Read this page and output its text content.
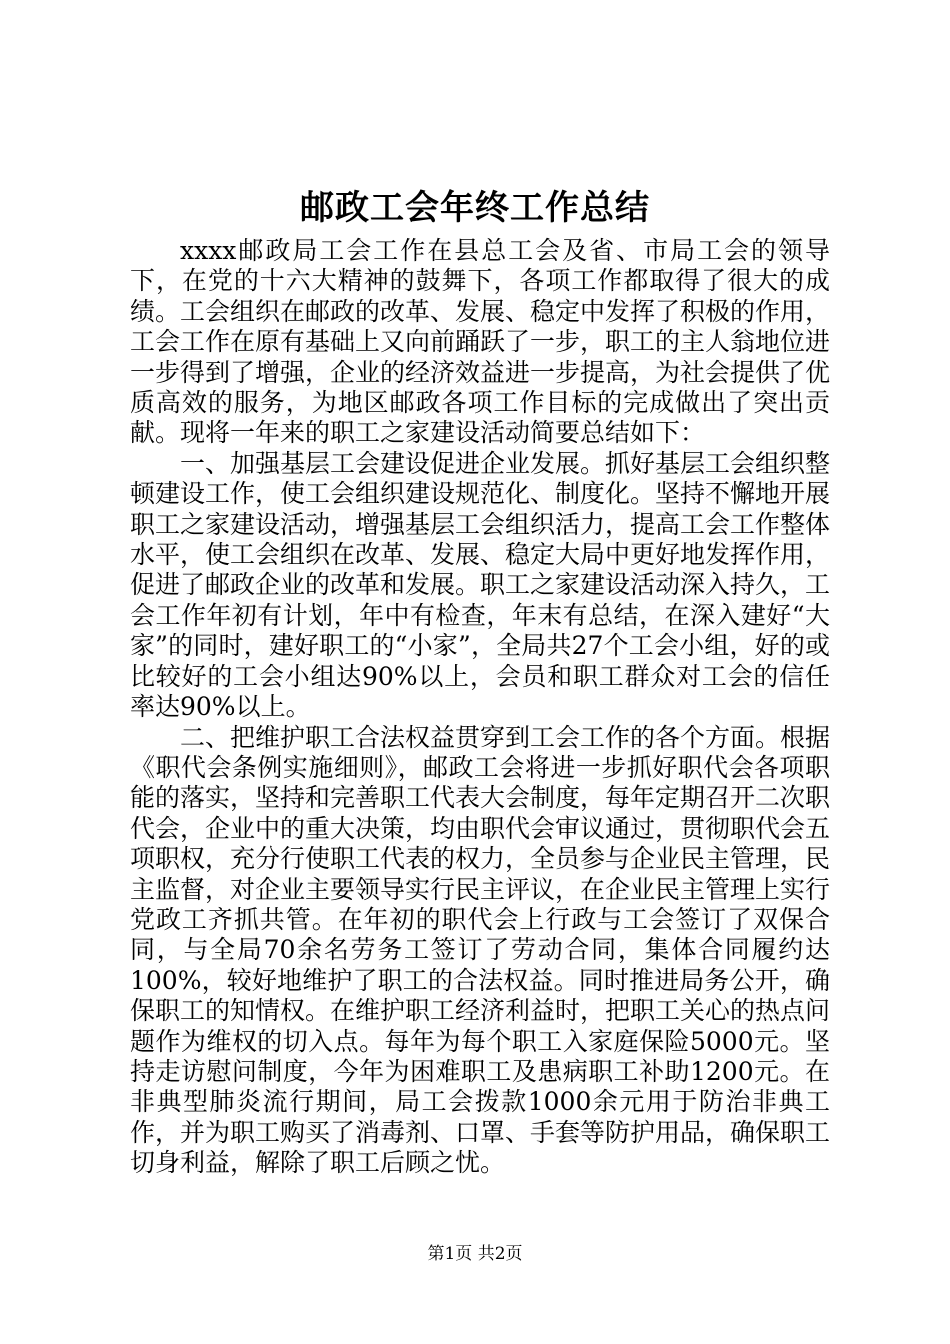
邮政工会年终工作总结

xxxx邮政局工会工作在县总工会及省、市局工会的领导下，在党的十六大精神的鼓舞下，各项工作都取得了很大的成绩。工会组织在邮政的改革、发展、稳定中发挥了积极的作用，工会工作在原有基础上又向前踊跃了一步，职工的主人翁地位进一步得到了增强，企业的经济效益进一步提高，为社会提供了优质高效的服务，为地区邮政各项工作目标的完成做出了突出贡献。现将一年来的职工之家建设活动简要总结如下：

一、加强基层工会建设促进企业发展。抓好基层工会组织整顿建设工作，使工会组织建设规范化、制度化。坚持不懈地开展职工之家建设活动，增强基层工会组织活力，提高工会工作整体水平，使工会组织在改革、发展、稳定大局中更好地发挥作用，促进了邮政企业的改革和发展。职工之家建设活动深入持久，工会工作年初有计划，年中有检查，年末有总结，在深入建好“大家”的同时，建好职工的“小家”，全局共27个工会小组，好的或比较好的工会小组达90%以上，会员和职工群众对工会的信任率达90%以上。

二、把维护职工合法权益贯穿到工会工作的各个方面。根据《职代会条例实施细则》，邮政工会将进一步抓好职代会各项职能的落实，坚持和完善职工代表大会制度，每年定期召开二次职代会，企业中的重大决策，均由职代会审议通过，贯彻职代会五项职权，充分行使职工代表的权力，全员参与企业民主管理，民主监督，对企业主要领导实行民主评议，在企业民主管理上实行党政工齐抓共管。在年初的职代会上行政与工会签订了双保合同，与全局70余名劳务工签订了劳动合同，集体合同履约达100%，较好地维护了职工的合法权益。同时推进局务公开，确保职工的知情权。在维护职工经济利益时，把职工关心的热点问题作为维权的切入点。每年为每个职工入家庭保险5000元。坚持走访慰问制度，今年为困难职工及患病职工补助1200元。在非典型肺炎流行期间，局工会拨款1000余元用于防治非典工作，并为职工购买了消毒剂、口罩、手套等防护用品，确保职工切身利益，解除了职工后顾之忧。

第1页 共2页
